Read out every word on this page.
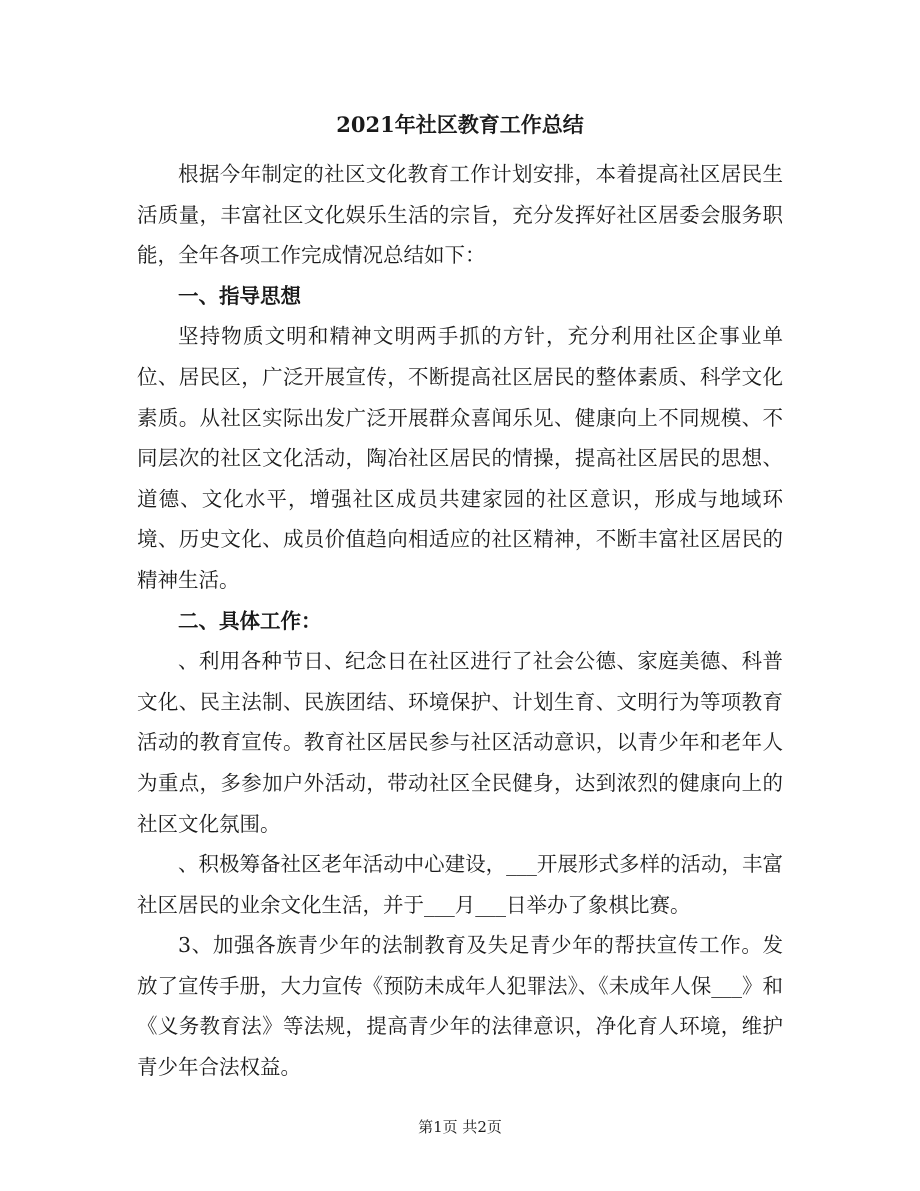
2021年社区教育工作总结

根据今年制定的社区文化教育工作计划安排，本着提高社区居民生活质量，丰富社区文化娱乐生活的宗旨，充分发挥好社区居委会服务职能，全年各项工作完成情况总结如下：

一、指导思想

坚持物质文明和精神文明两手抓的方针，充分利用社区企事业单位、居民区，广泛开展宣传，不断提高社区居民的整体素质、科学文化素质。从社区实际出发广泛开展群众喜闻乐见、健康向上不同规模、不同层次的社区文化活动，陶冶社区居民的情操，提高社区居民的思想、道德、文化水平，增强社区成员共建家园的社区意识，形成与地域环境、历史文化、成员价值趋向相适应的社区精神，不断丰富社区居民的精神生活。

二、具体工作：

、利用各种节日、纪念日在社区进行了社会公德、家庭美德、科普文化、民主法制、民族团结、环境保护、计划生育、文明行为等项教育活动的教育宣传。教育社区居民参与社区活动意识，以青少年和老年人为重点，多参加户外活动，带动社区全民健身，达到浓烈的健康向上的社区文化氛围。

、积极筹备社区老年活动中心建设，___开展形式多样的活动，丰富社区居民的业余文化生活，并于___月___日举办了象棋比赛。

3、加强各族青少年的法制教育及失足青少年的帮扶宣传工作。发放了宣传手册，大力宣传《预防未成年人犯罪法》、《未成年人保___》和《义务教育法》等法规，提高青少年的法律意识，净化育人环境，维护青少年合法权益。

第1页 共2页
